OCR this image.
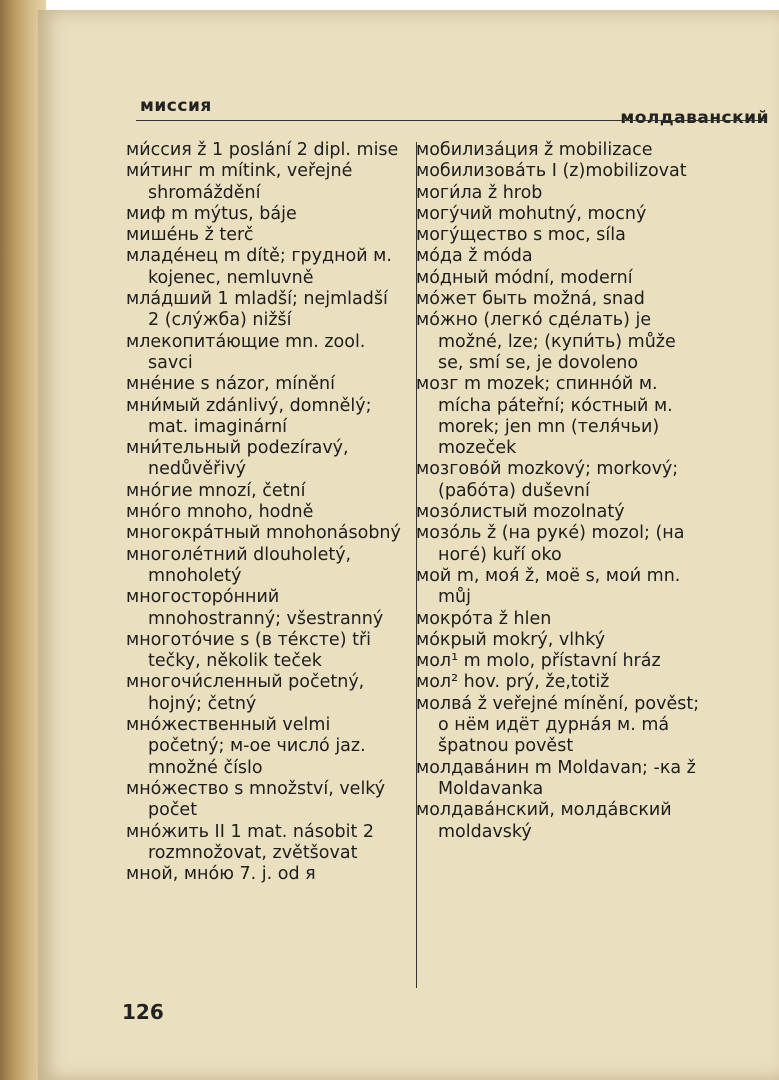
миссия
молдаванский

ми́ссия ž 1 poslání 2 dipl. mise

ми́тинг m mítink, veřejné shromáždění

миф m mýtus, báje

мишéнь ž terč

младéнец m dítě; грудной м. kojenec, nemluvně

млáдший 1 mladší; nejmladší 2 (слу́жба) nižší

млекопитáющие mn. zool. savci

мнéние s názor, mínění

мни́мый zdánlivý, domnělý; mat. imaginární

мни́тельный podezíravý, nedůvěřivý

мнóгие mnozí, četní

мнóго mnoho, hodně

многокрáтный mnohonásobný

многолéтний dlouholetý, mnoholetý

многосторóнний mnohostranný; všestranný

многотóчие s (в тéксте) tři tečky, několik teček

многочи́сленный početný, hojný; četný

мнóжественный velmi početný; м-ое числó jaz. množné číslo

мнóжество s množství, velký počet

мнóжить II 1 mat. násobit 2 rozmnožovat, zvětšovat

мной, мнóю 7. j. od я

мобилизáция ž mobilizace

мобилизовáть I (z)mobilizovat

моги́ла ž hrob

могу́чий mohutný, mocný

могу́щество s moc, síla

мóда ž móda

мóдный módní, moderní

мóжет быть možná, snad

мóжно (легкó сдéлать) je možné, lze; (купи́ть) může se, smí se, je dovoleno

мозг m mozek; спиннóй м. mícha páteřní; кóстный м. morek; jen mn (теля́чьи) mozeček

мозговóй mozkový; morkový; (рабóта) duševní

мозóлистый mozolnatý

мозóль ž (на рукé) mozol; (на ногé) kuří oko

мой m, моя́ ž, моё s, мои́ mn. můj

мокрóта ž hlen

мóкрый mokrý, vlhký

мол¹ m molo, přístavní hráz

мол² hov. prý, že,totiž

молвá ž veřejné mínění, pověst; о нём идёт дурнáя м. má špatnou pověst

молдавáнин m Moldavan; -ка ž Moldavanka

молдавáнский, молдáвский moldavský

126
